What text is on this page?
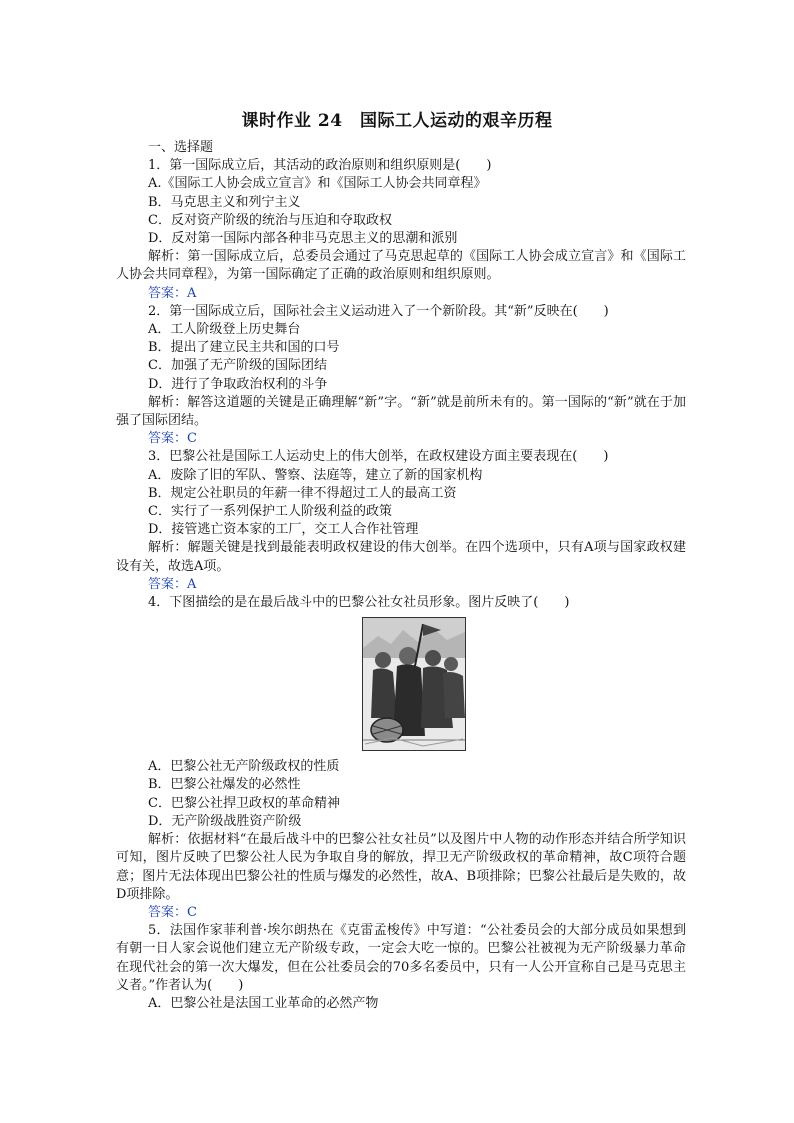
课时作业 24　国际工人运动的艰辛历程
一、选择题
1．第一国际成立后，其活动的政治原则和组织原则是(　　)
A.《国际工人协会成立宣言》和《国际工人协会共同章程》
B．马克思主义和列宁主义
C．反对资产阶级的统治与压迫和夺取政权
D．反对第一国际内部各种非马克思主义的思潮和派别
解析：第一国际成立后，总委员会通过了马克思起草的《国际工人协会成立宣言》和《国际工人协会共同章程》，为第一国际确定了正确的政治原则和组织原则。
答案：A
2．第一国际成立后，国际社会主义运动进入了一个新阶段。其“新”反映在(　　)
A．工人阶级登上历史舞台
B．提出了建立民主共和国的口号
C．加强了无产阶级的国际团结
D．进行了争取政治权利的斗争
解析：解答这道题的关键是正确理解“新”字。“新”就是前所未有的。第一国际的“新”就在于加强了国际团结。
答案：C
3．巴黎公社是国际工人运动史上的伟大创举，在政权建设方面主要表现在(　　)
A．废除了旧的军队、警察、法庭等，建立了新的国家机构
B．规定公社职员的年薪一律不得超过工人的最高工资
C．实行了一系列保护工人阶级利益的政策
D．接管逃亡资本家的工厂，交工人合作社管理
解析：解题关键是找到最能表明政权建设的伟大创举。在四个选项中，只有A项与国家政权建设有关，故选A项。
答案：A
4．下图描绘的是在最后战斗中的巴黎公社女社员形象。图片反映了(　　)
A．巴黎公社无产阶级政权的性质
B．巴黎公社爆发的必然性
C．巴黎公社捍卫政权的革命精神
D．无产阶级战胜资产阶级
解析：依据材料“在最后战斗中的巴黎公社女社员”以及图片中人物的动作形态并结合所学知识可知，图片反映了巴黎公社人民为争取自身的解放，捍卫无产阶级政权的革命精神，故C项符合题意；图片无法体现出巴黎公社的性质与爆发的必然性，故A、B项排除；巴黎公社最后是失败的，故D项排除。
答案：C
5．法国作家菲利普·埃尔朗热在《克雷孟梭传》中写道：“公社委员会的大部分成员如果想到有朝一日人家会说他们建立无产阶级专政，一定会大吃一惊的。巴黎公社被视为无产阶级暴力革命在现代社会的第一次大爆发，但在公社委员会的70多名委员中，只有一人公开宣称自己是马克思主义者。”作者认为(　　)
A．巴黎公社是法国工业革命的必然产物
